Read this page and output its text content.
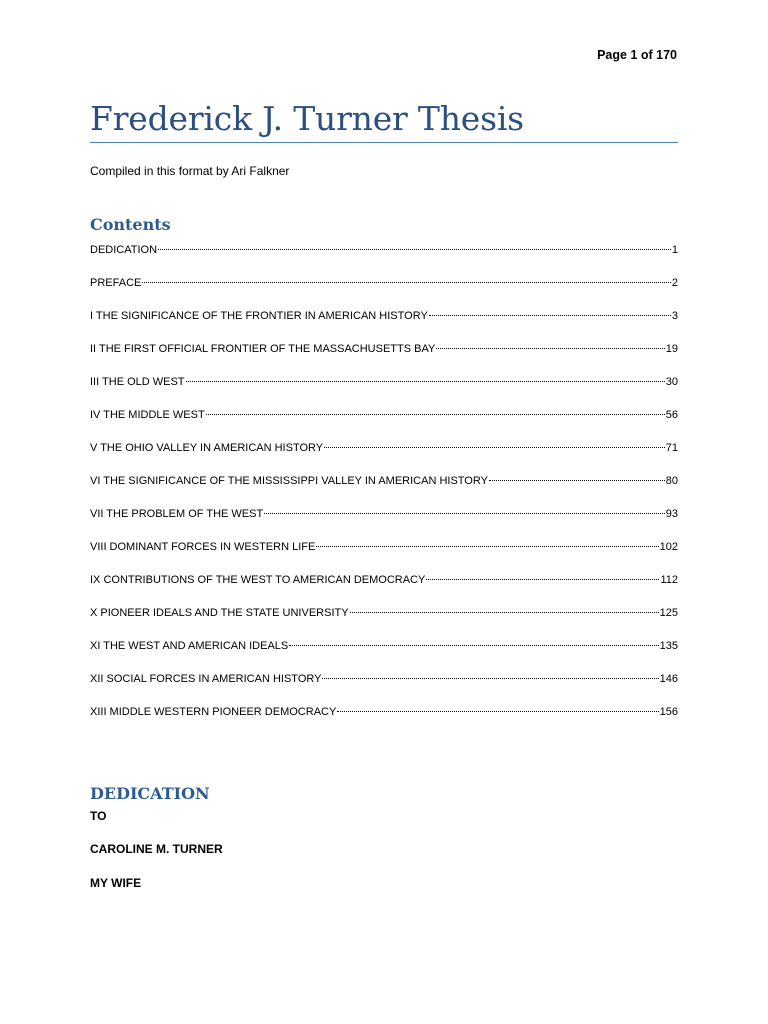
Page 1 of 170
Frederick J. Turner Thesis
Compiled in this format by Ari Falkner
Contents
DEDICATION	1
PREFACE	2
I THE SIGNIFICANCE OF THE FRONTIER IN AMERICAN HISTORY	3
II THE FIRST OFFICIAL FRONTIER OF THE MASSACHUSETTS BAY	19
III THE OLD WEST	30
IV THE MIDDLE WEST	56
V THE OHIO VALLEY IN AMERICAN HISTORY	71
VI THE SIGNIFICANCE OF THE MISSISSIPPI VALLEY IN AMERICAN HISTORY	80
VII THE PROBLEM OF THE WEST	93
VIII DOMINANT FORCES IN WESTERN LIFE	102
IX CONTRIBUTIONS OF THE WEST TO AMERICAN DEMOCRACY	112
X PIONEER IDEALS AND THE STATE UNIVERSITY	125
XI THE WEST AND AMERICAN IDEALS	135
XII SOCIAL FORCES IN AMERICAN HISTORY	146
XIII MIDDLE WESTERN PIONEER DEMOCRACY	156
DEDICATION
TO
CAROLINE M. TURNER
MY WIFE
